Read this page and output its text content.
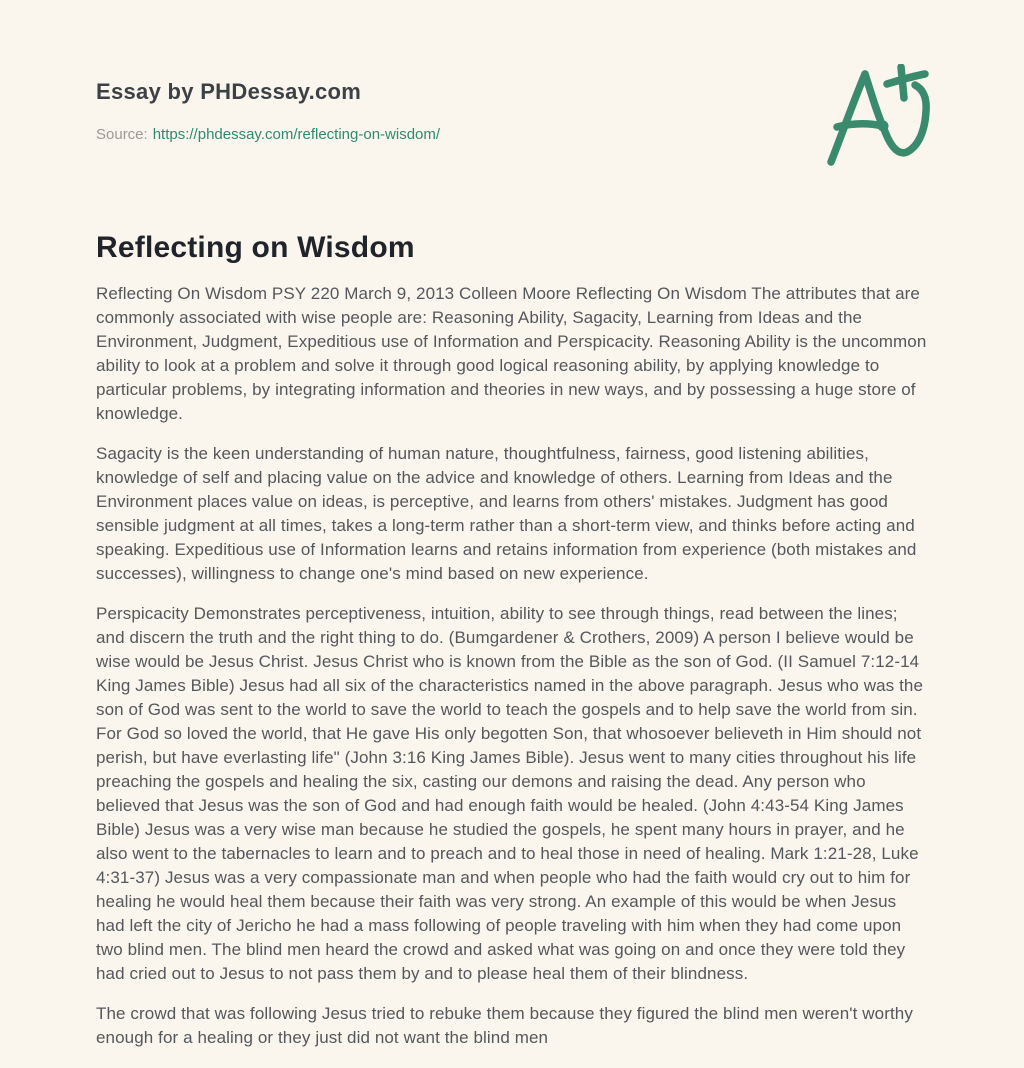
Essay by PHDessay.com
Source: https://phdessay.com/reflecting-on-wisdom/
Reflecting on Wisdom

Reflecting On Wisdom PSY 220 March 9, 2013 Colleen Moore Reflecting On Wisdom The attributes that are commonly associated with wise people are: Reasoning Ability, Sagacity, Learning from Ideas and the Environment, Judgment, Expeditious use of Information and Perspicacity. Reasoning Ability is the uncommon ability to look at a problem and solve it through good logical reasoning ability, by applying knowledge to particular problems, by integrating information and theories in new ways, and by possessing a huge store of knowledge.

Sagacity is the keen understanding of human nature, thoughtfulness, fairness, good listening abilities, knowledge of self and placing value on the advice and knowledge of others. Learning from Ideas and the Environment places value on ideas, is perceptive, and learns from others' mistakes. Judgment has good sensible judgment at all times, takes a long-term rather than a short-term view, and thinks before acting and speaking. Expeditious use of Information learns and retains information from experience (both mistakes and successes), willingness to change one's mind based on new experience.

Perspicacity Demonstrates perceptiveness, intuition, ability to see through things, read between the lines; and discern the truth and the right thing to do. (Bumgardener & Crothers, 2009) A person I believe would be wise would be Jesus Christ. Jesus Christ who is known from the Bible as the son of God. (II Samuel 7:12-14 King James Bible) Jesus had all six of the characteristics named in the above paragraph. Jesus who was the son of God was sent to the world to save the world to teach the gospels and to help save the world from sin. For God so loved the world, that He gave His only begotten Son, that whosoever believeth in Him should not perish, but have everlasting life" (John 3:16 King James Bible). Jesus went to many cities throughout his life preaching the gospels and healing the six, casting our demons and raising the dead. Any person who believed that Jesus was the son of God and had enough faith would be healed. (John 4:43-54 King James Bible) Jesus was a very wise man because he studied the gospels, he spent many hours in prayer, and he also went to the tabernacles to learn and to preach and to heal those in need of healing. Mark 1:21-28, Luke 4:31-37) Jesus was a very compassionate man and when people who had the faith would cry out to him for healing he would heal them because their faith was very strong. An example of this would be when Jesus had left the city of Jericho he had a mass following of people traveling with him when they had come upon two blind men. The blind men heard the crowd and asked what was going on and once they were told they had cried out to Jesus to not pass them by and to please heal them of their blindness.

The crowd that was following Jesus tried to rebuke them because they figured the blind men weren't worthy enough for a healing or they just did not want the blind men
